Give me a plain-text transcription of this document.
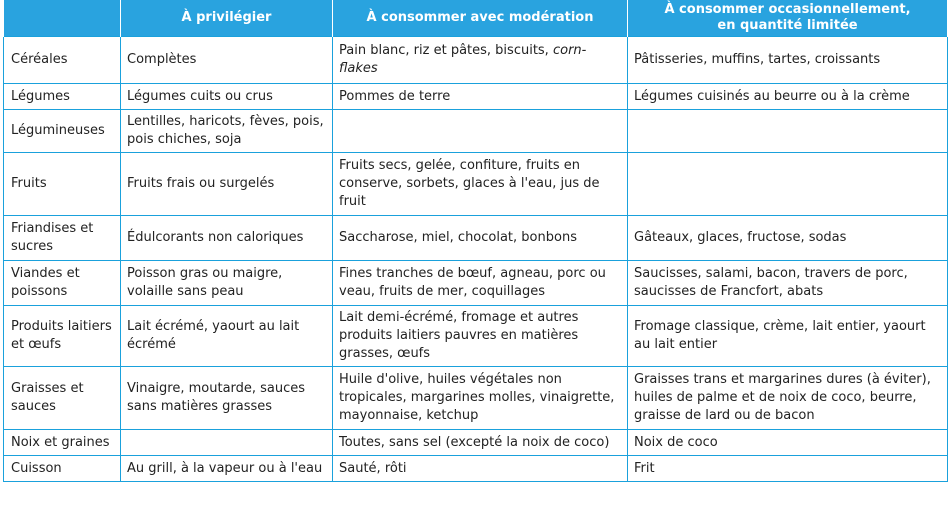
	À privilégier	À consommer avec modération	À consommer occasionnellement,
en quantité limitée
Céréales	Complètes	Pain blanc, riz et pâtes, biscuits, corn-flakes	Pâtisseries, muffins, tartes, croissants
Légumes	Légumes cuits ou crus	Pommes de terre	Légumes cuisinés au beurre ou à la crème
Légumineuses	Lentilles, haricots, fèves, pois, pois chiches, soja		
Fruits	Fruits frais ou surgelés	Fruits secs, gelée, confiture, fruits en conserve, sorbets, glaces à l'eau, jus de fruit	
Friandises et sucres	Édulcorants non caloriques	Saccharose, miel, chocolat, bonbons	Gâteaux, glaces, fructose, sodas
Viandes et poissons	Poisson gras ou maigre, volaille sans peau	Fines tranches de bœuf, agneau, porc ou veau, fruits de mer, coquillages	Saucisses, salami, bacon, travers de porc, saucisses de Francfort, abats
Produits laitiers et œufs	Lait écrémé, yaourt au lait écrémé	Lait demi-écrémé, fromage et autres produits laitiers pauvres en matières grasses, œufs	Fromage classique, crème, lait entier, yaourt au lait entier
Graisses et sauces	Vinaigre, moutarde, sauces sans matières grasses	Huile d'olive, huiles végétales non tropicales, margarines molles, vinaigrette, mayonnaise, ketchup	Graisses trans et margarines dures (à éviter), huiles de palme et de noix de coco, beurre, graisse de lard ou de bacon
Noix et graines		Toutes, sans sel (excepté la noix de coco)	Noix de coco
Cuisson	Au grill, à la vapeur ou à l'eau	Sauté, rôti	Frit
